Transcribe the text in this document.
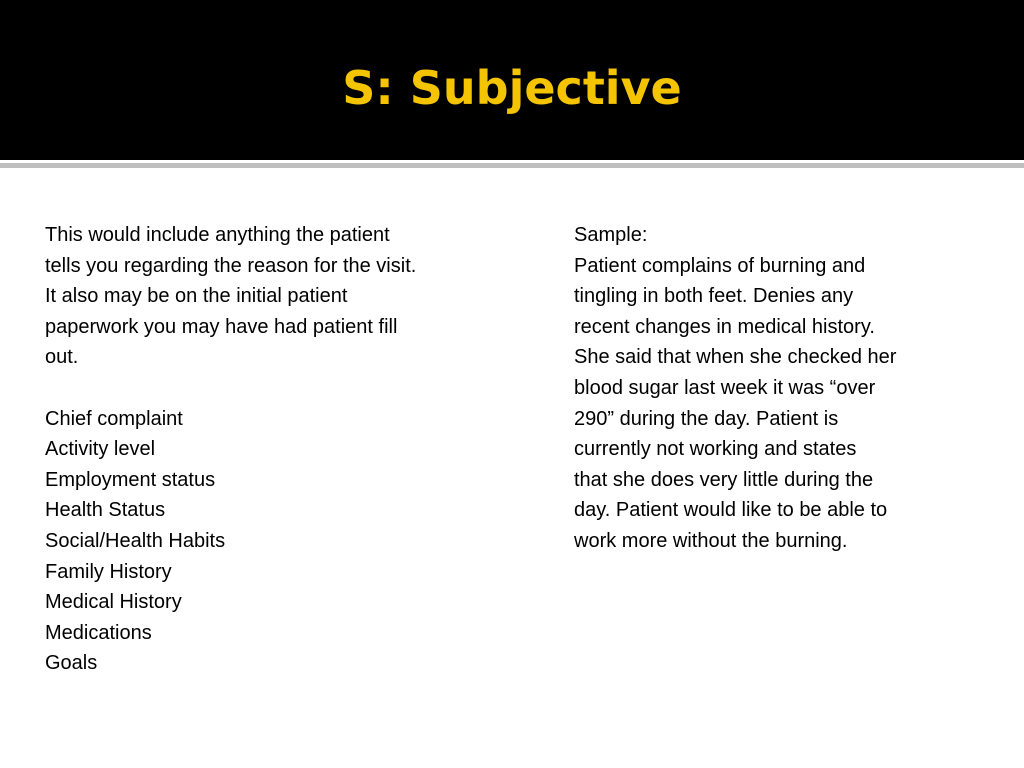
S: Subjective

This would include anything the patient
tells you regarding the reason for the visit.
It also may be on the initial patient
paperwork you may have had patient fill
out.

Chief complaint
Activity level
Employment status
Health Status
Social/Health Habits
Family History
Medical History
Medications
Goals

Sample:

Patient complains of burning and
tingling in both feet. Denies any
recent changes in medical history.
She said that when she checked her
blood sugar last week it was “over
290” during the day. Patient is
currently not working and states
that she does very little during the
day. Patient would like to be able to
work more without the burning.
